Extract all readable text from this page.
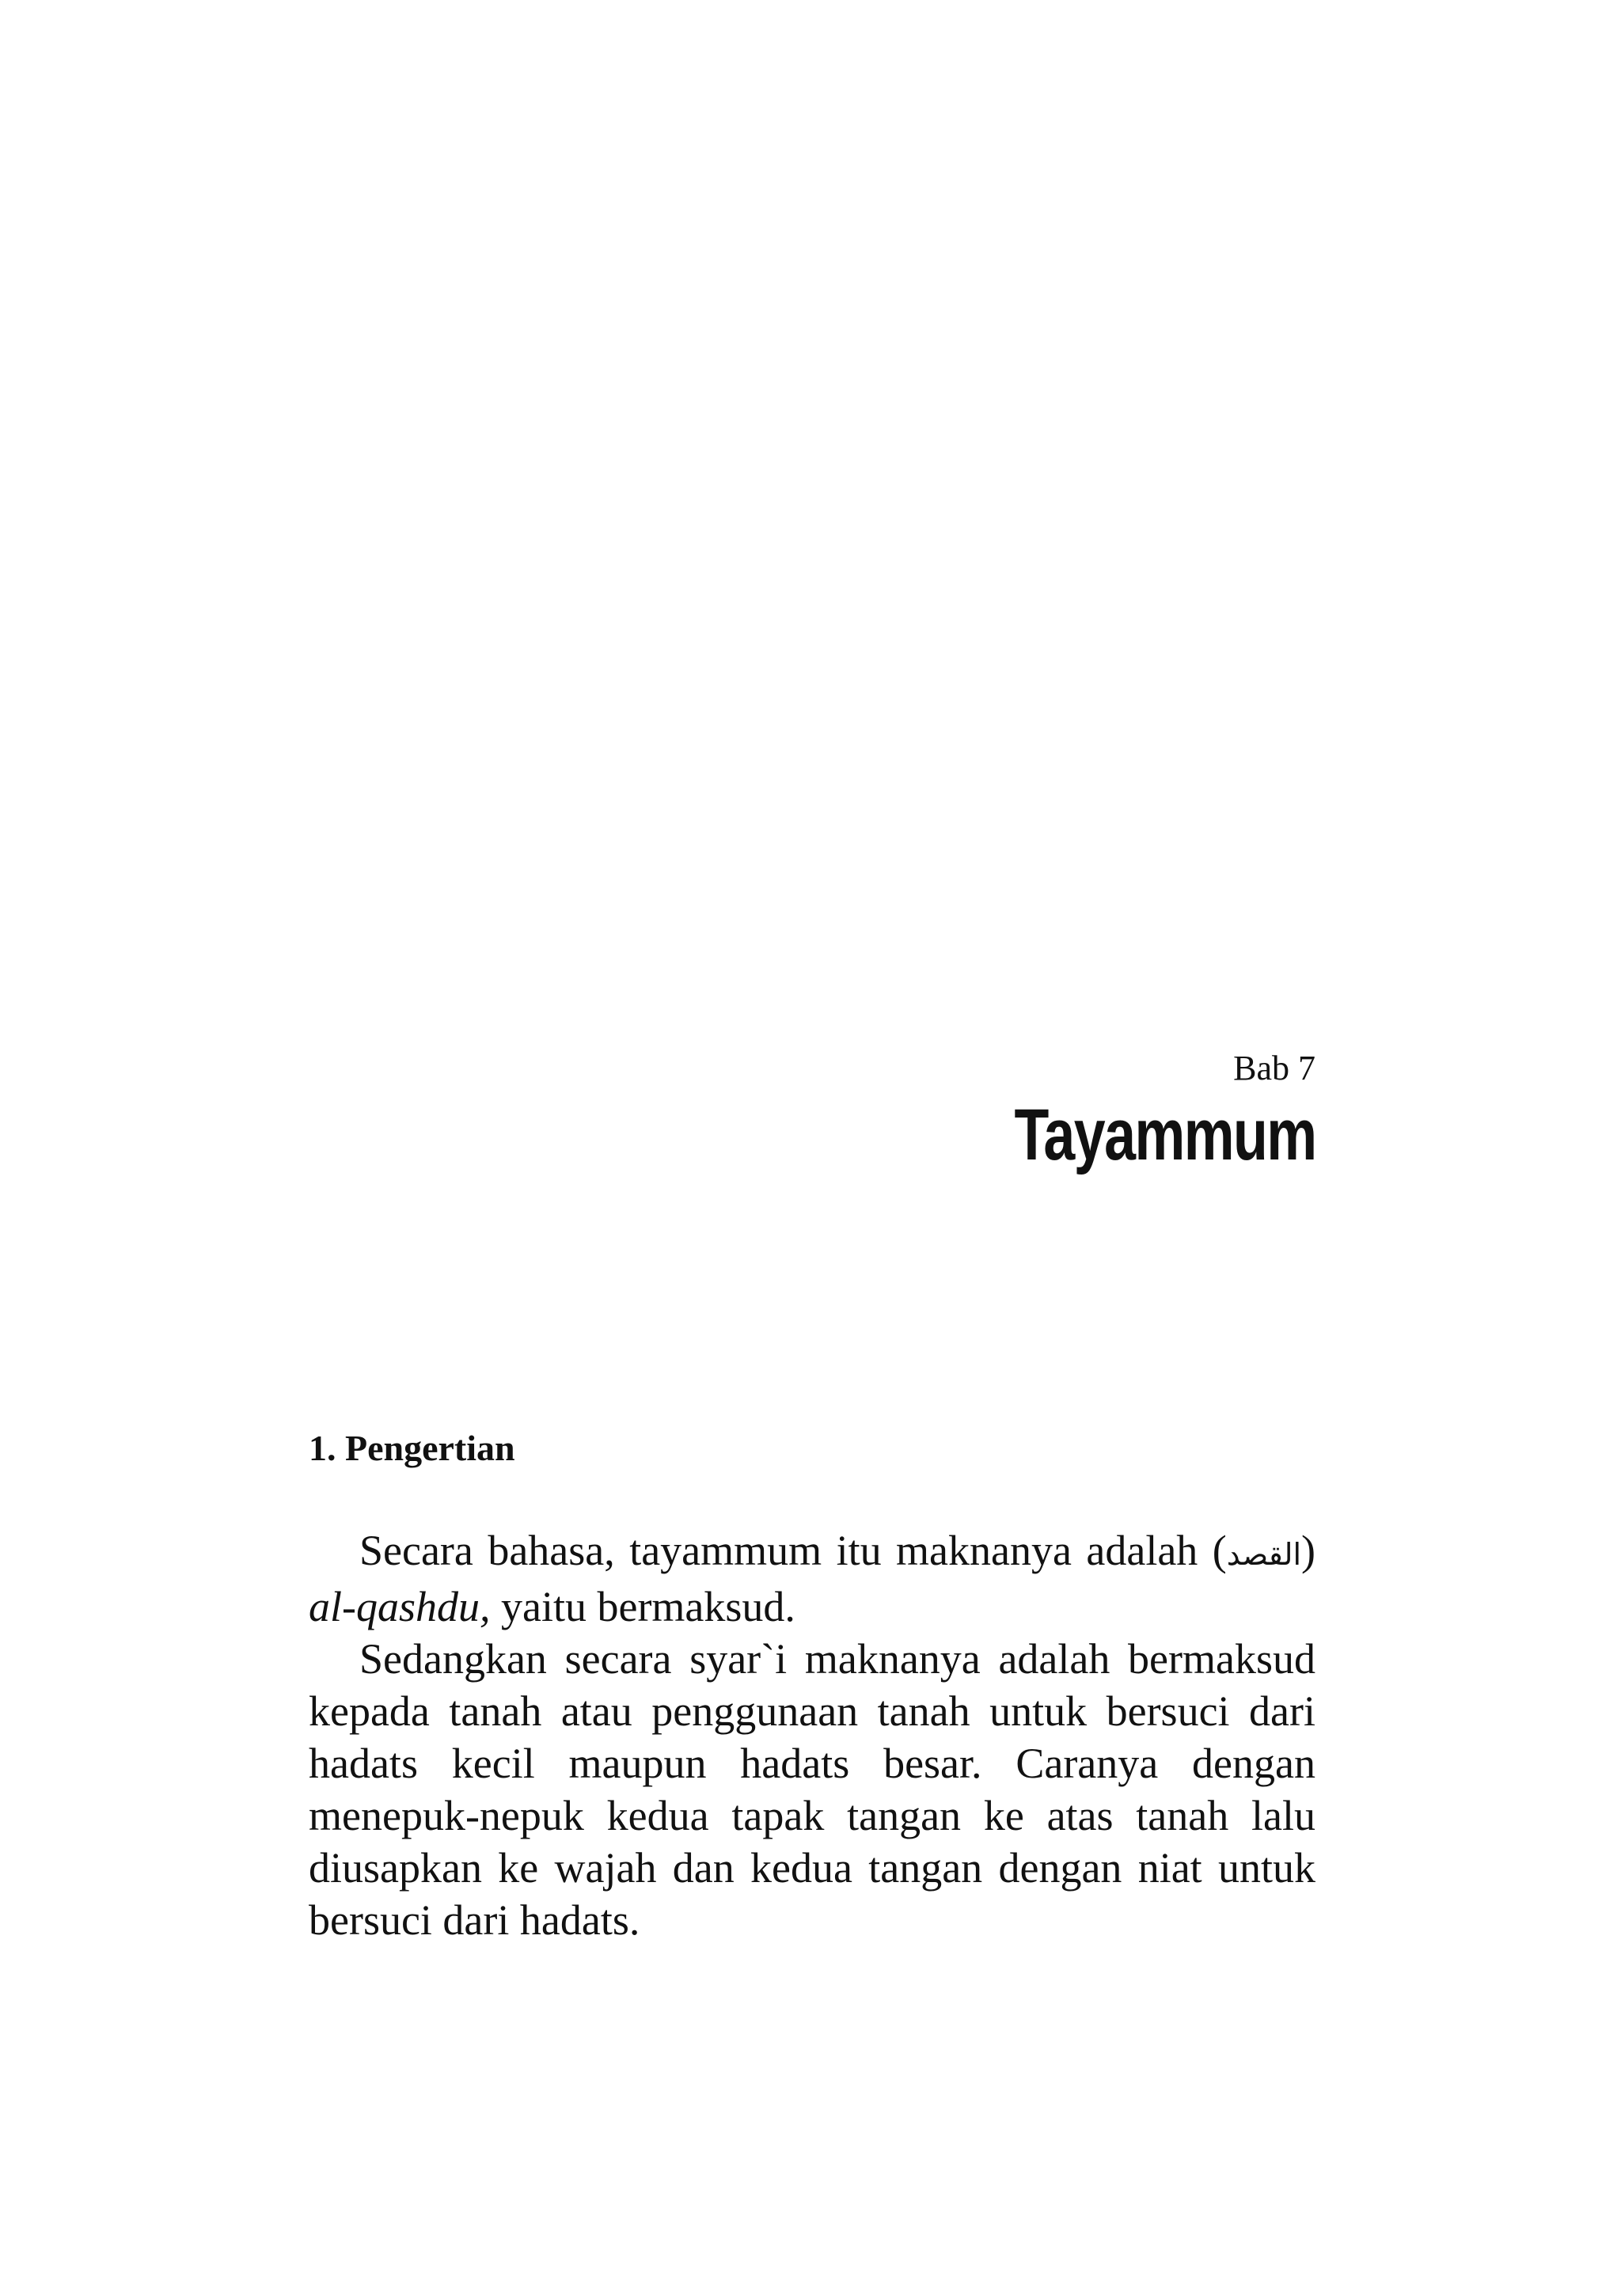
Bab 7
Tayammum
1. Pengertian

Secara bahasa, tayammum itu maknanya adalah (القصد) al-qashdu, yaitu bermaksud.

Sedangkan secara syar`i maknanya adalah bermaksud kepada tanah atau penggunaan tanah untuk bersuci dari hadats kecil maupun hadats besar. Caranya dengan menepuk-nepuk kedua tapak tangan ke atas tanah lalu diusapkan ke wajah dan kedua tangan dengan niat untuk bersuci dari hadats.
